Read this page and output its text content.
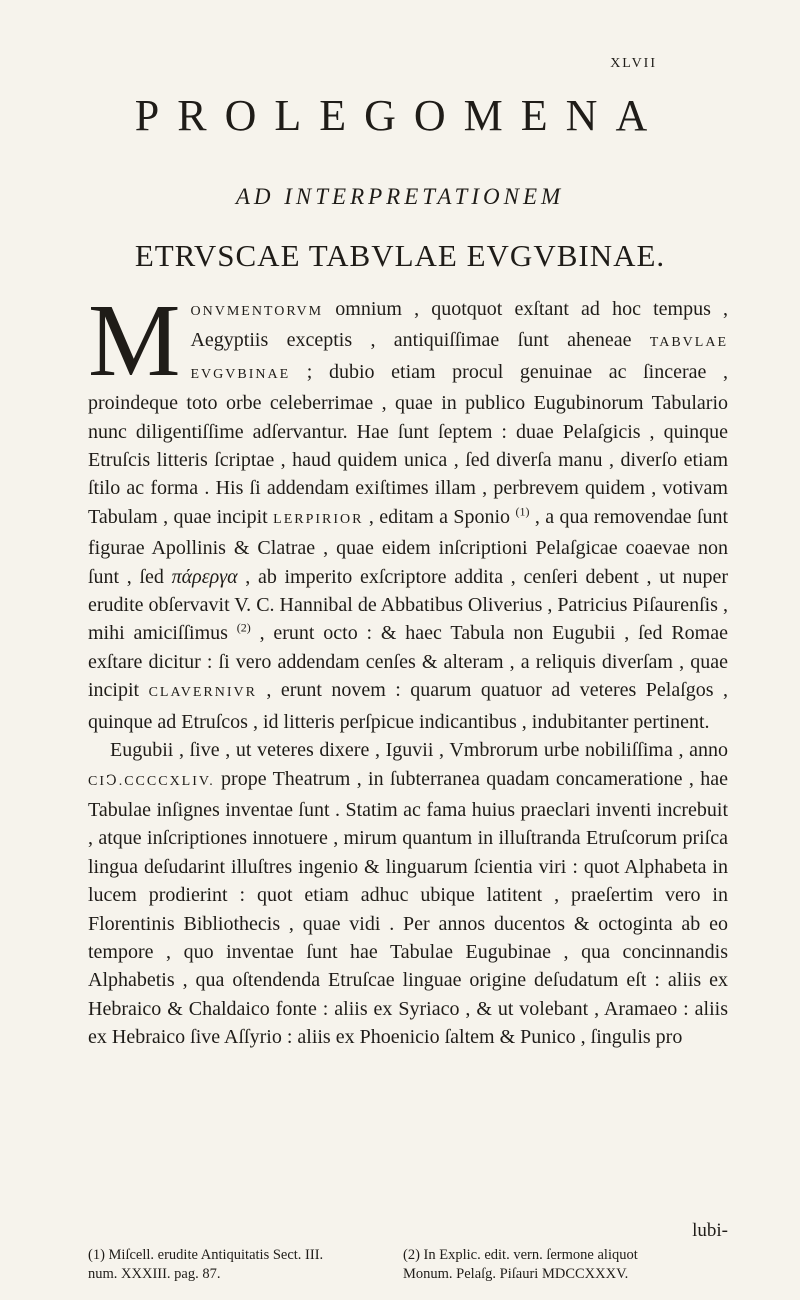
XLVII
PROLEGOMENA
AD INTERPRETATIONEM
ETRVSCAE TABVLAE EVGVBINAE.

MONVMENTORVM omnium , quotquot exſtant ad hoc tempus , Aegyptiis exceptis , antiquiſſimae ſunt aheneae TABVLAE EVGVBINAE ; dubio etiam procul genuinae ac ſincerae , proindeque toto orbe celeberrimae , quae in publico Eugubinorum Tabulario nunc diligentiſſime adſervantur. Hae ſunt ſeptem : duae Pelaſgicis , quinque Etruſcis litteris ſcriptae , haud quidem unica , ſed diverſa manu , diverſo etiam ſtilo ac forma . His ſi addendam exiſtimes illam , perbrevem quidem , votivam Tabulam , quae incipit LERPIRIOR , editam a Sponio $^{(1)}$ , a qua removendae ſunt figurae Apollinis & Clatrae , quae eidem inſcriptioni Pelaſgicae coaevae non ſunt , ſed πάρεργα , ab imperito exſcriptore addita , cenſeri debent , ut nuper erudite obſervavit V. C. Hannibal de Abbatibus Oliverius , Patricius Piſaurenſis , mihi amiciſſimus $^{(2)}$ , erunt octo : & haec Tabula non Eugubii , ſed Romae exſtare dicitur : ſi vero addendam cenſes & alteram , a reliquis diverſam , quae incipit CLAVERNIVR , erunt novem : quarum quatuor ad veteres Pelaſgos , quinque ad Etruſcos , id litteris perſpicue indicantibus , indubitanter pertinent.

Eugubii , ſive , ut veteres dixere , Iguvii , Vmbrorum urbe nobiliſſima , anno CIↃ.CCCCXLIV. prope Theatrum , in ſubterranea quadam concameratione , hae Tabulae inſignes inventae ſunt . Statim ac fama huius praeclari inventi increbuit , atque inſcriptiones innotuere , mirum quantum in illuſtranda Etruſcorum priſca lingua deſudarint illuſtres ingenio & linguarum ſcientia viri : quot Alphabeta in lucem prodierint : quot etiam adhuc ubique latitent , praeſertim vero in Florentinis Bibliothecis , quae vidi . Per annos ducentos & octoginta ab eo tempore , quo inventae ſunt hae Tabulae Eugubinae , qua concinnandis Alphabetis , qua oſtendenda Etruſcae linguae origine deſudatum eſt : aliis ex Hebraico & Chaldaico fonte : aliis ex Syriaco , & ut volebant , Aramaeo : aliis ex Hebraico ſive Aſſyrio : aliis ex Phoenicio ſaltem & Punico , ſingulis pro

lubi-
(1) Miſcell. erudite Antiquitatis Sect. III.
num. XXXIII. pag. 87.
(2) In Explic. edit. vern. ſermone aliquot
Monum. Pelaſg. Piſauri MDCCXXXV.
